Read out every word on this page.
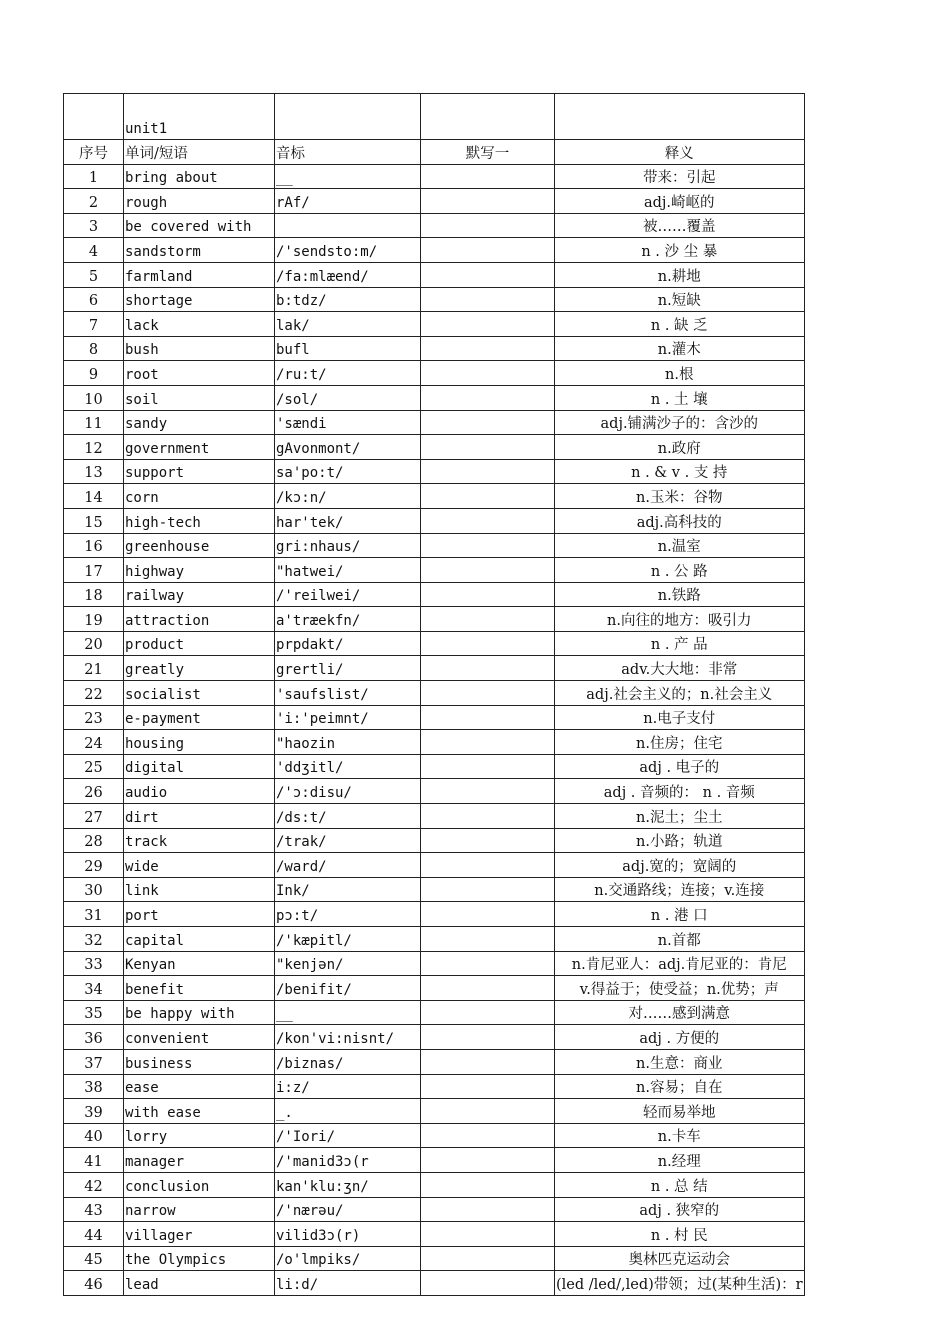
	unit1			
序号	单词/短语	音标	默写一	释义
1	bring about	__		带来：引起
2	rough	rAf/		adj.崎岖的
3	be covered with			被……覆盖
4	sandstorm	/'sendsto:m/		n . 沙 尘 暴
5	farmland	/fa:mlæend/		n.耕地
6	shortage	b:tdz/		n.短缺
7	lack	lak/		n . 缺 乏
8	bush	bufl		n.灌木
9	root	/ru:t/		n.根
10	soil	/sol/		n . 土 壤
11	sandy	'sændi		adj.铺满沙子的：含沙的
12	government	gAvonmont/		n.政府
13	support	sa'po:t/		n . & v . 支 持
14	corn	/kɔ:n/		n.玉米：谷物
15	high-tech	har'tek/		adj.高科技的
16	greenhouse	gri:nhaus/		n.温室
17	highway	"hatwei/		n . 公 路
18	railway	/'reilwei/		n.铁路
19	attraction	a'træekfn/		n.向往的地方：吸引力
20	product	prpdakt/		n . 产 品
21	greatly	grertli/		adv.大大地：非常
22	socialist	'saufslist/		adj.社会主义的；n.社会主义
23	e-payment	'i:'peimnt/		n.电子支付
24	housing	"haozin		n.住房；住宅
25	digital	'ddʒitl/		adj . 电子的
26	audio	/'ɔ:disu/		adj . 音频的： n . 音频
27	dirt	/ds:t/		n.泥土；尘土
28	track	/trak/		n.小路；轨道
29	wide	/ward/		adj.宽的；宽阔的
30	link	Ink/		n.交通路线；连接；v.连接
31	port	pɔ:t/		n . 港 口
32	capital	/'kæpitl/		n.首都
33	Kenyan	"kenjən/		n.肯尼亚人：adj.肯尼亚的：肯尼
34	benefit	/benifit/		v.得益于；使受益；n.优势；声
35	be happy with	__		对……感到满意
36	convenient	/kon'vi:nisnt/		adj . 方便的
37	business	/biznas/		n.生意：商业
38	ease	i:z/		n.容易；自在
39	with ease	_.		轻而易举地
40	lorry	/'Iori/		n.卡车
41	manager	/'manid3ɔ(r		n.经理
42	conclusion	kan'klu:ʒn/		n . 总 结
43	narrow	/'nærəu/		adj . 狭窄的
44	villager	vilid3ɔ(r)		n . 村 民
45	the Olympics	/o'lmpiks/		奥林匹克运动会
46	lead	li:d/		(led /led/,led)带领；过(某种生活)：r
